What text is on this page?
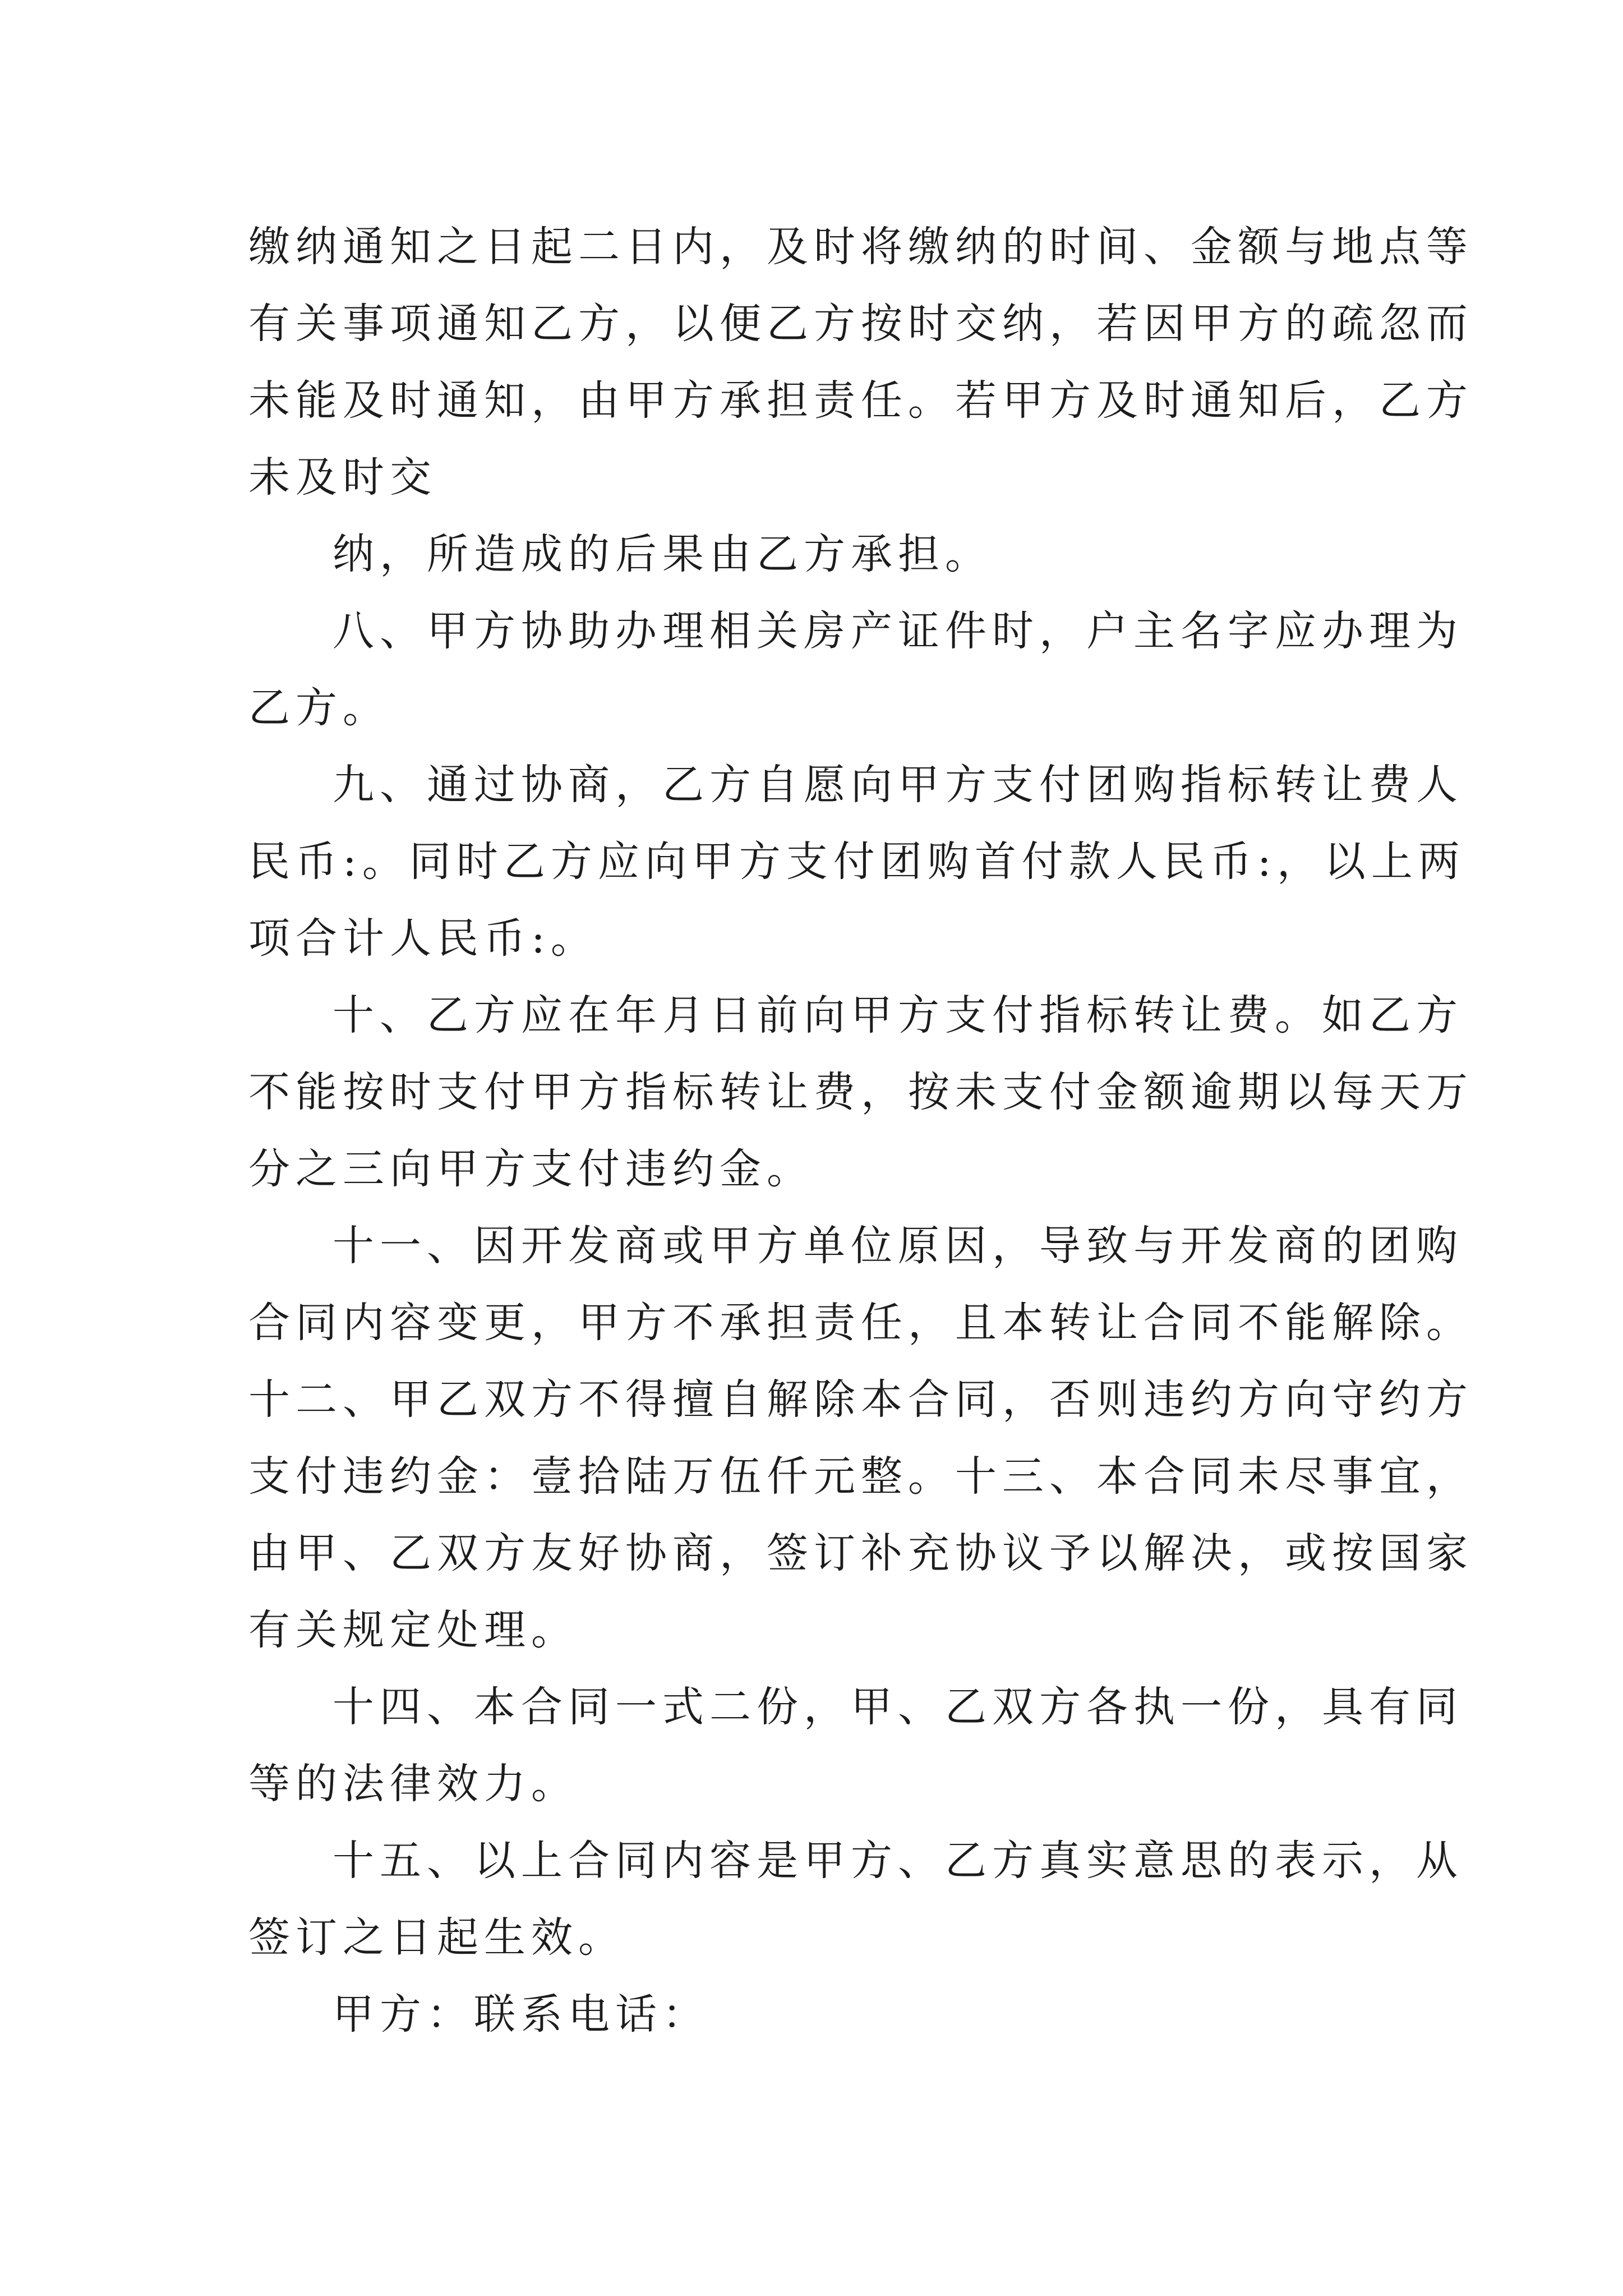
缴纳通知之日起二日内，及时将缴纳的时间、金额与地点等
有关事项通知乙方，以便乙方按时交纳，若因甲方的疏忽而
未能及时通知，由甲方承担责任。若甲方及时通知后，乙方
未及时交
纳，所造成的后果由乙方承担。
八、甲方协助办理相关房产证件时，户主名字应办理为
乙方。
九、通过协商，乙方自愿向甲方支付团购指标转让费人
民币:。同时乙方应向甲方支付团购首付款人民币:，以上两
项合计人民币:。
十、乙方应在年月日前向甲方支付指标转让费。如乙方
不能按时支付甲方指标转让费，按未支付金额逾期以每天万
分之三向甲方支付违约金。
十一、因开发商或甲方单位原因，导致与开发商的团购
合同内容变更，甲方不承担责任，且本转让合同不能解除。
十二、甲乙双方不得擅自解除本合同，否则违约方向守约方
支付违约金：壹拾陆万伍仟元整。十三、本合同未尽事宜，
由甲、乙双方友好协商，签订补充协议予以解决，或按国家
有关规定处理。
十四、本合同一式二份，甲、乙双方各执一份，具有同
等的法律效力。
十五、以上合同内容是甲方、乙方真实意思的表示，从
签订之日起生效。
甲方：联系电话：
